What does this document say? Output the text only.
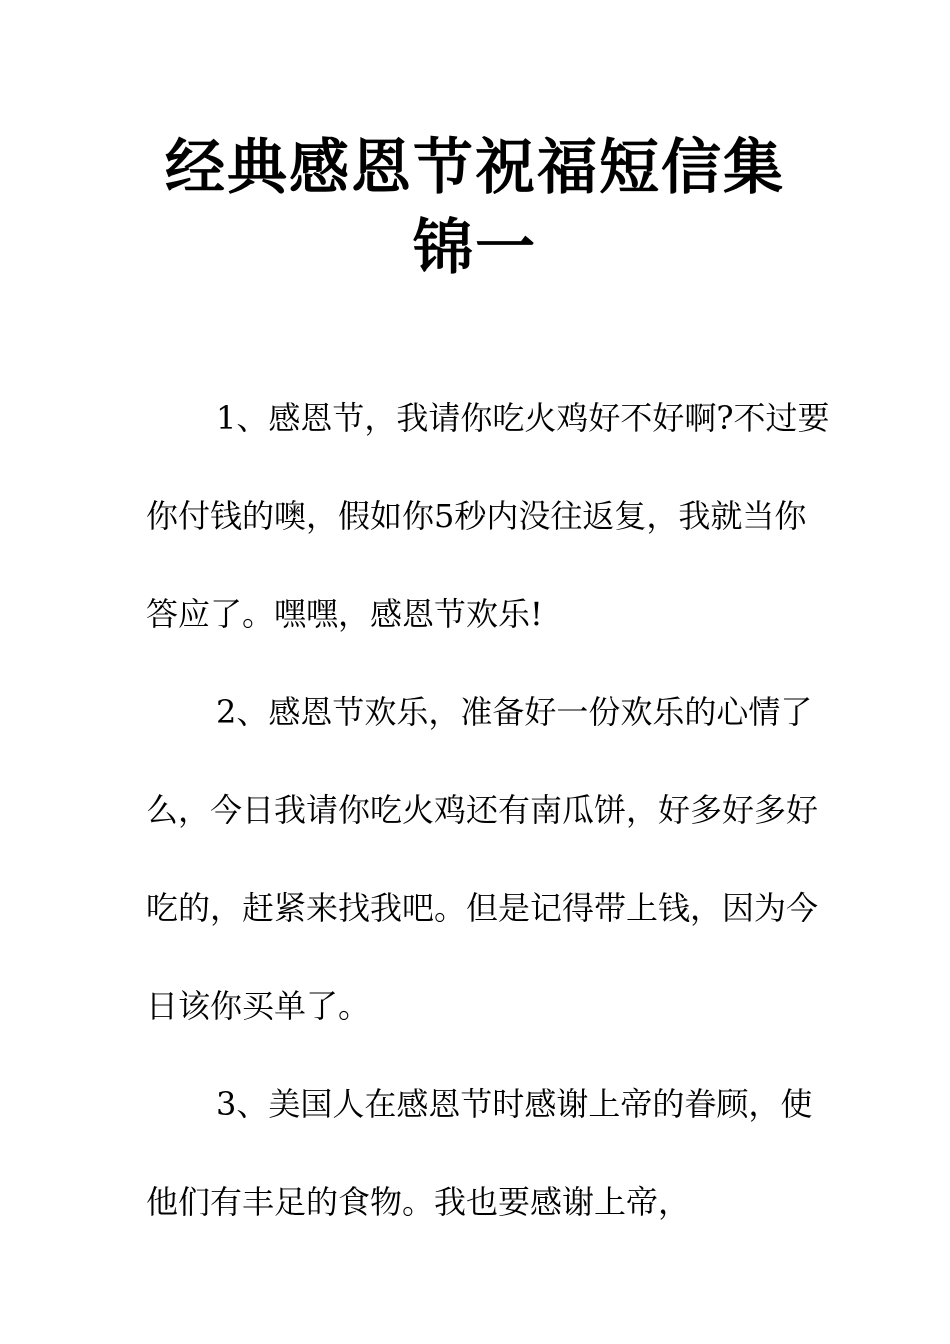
经典感恩节祝福短信集锦一

1、感恩节，我请你吃火鸡好不好啊?不过要你付钱的噢，假如你5秒内没往返复，我就当你答应了。嘿嘿，感恩节欢乐!

2、感恩节欢乐，准备好一份欢乐的心情了么，今日我请你吃火鸡还有南瓜饼，好多好多好吃的，赶紧来找我吧。但是记得带上钱，因为今日该你买单了。

3、美国人在感恩节时感谢上帝的眷顾，使他们有丰足的食物。我也要感谢上帝，
